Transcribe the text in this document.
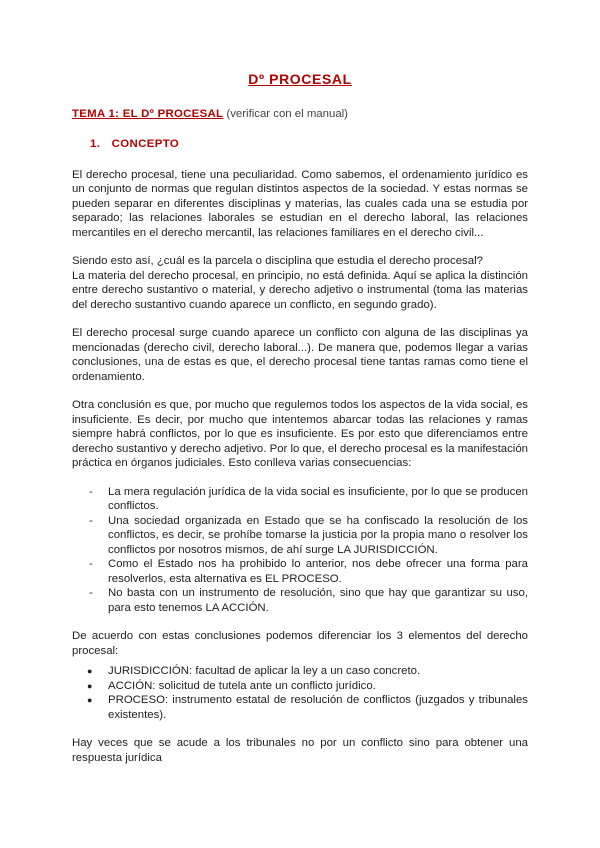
Dº PROCESAL
TEMA 1: EL Dº PROCESAL (verificar con el manual)
1. CONCEPTO

El derecho procesal, tiene una peculiaridad. Como sabemos, el ordenamiento jurídico es un conjunto de normas que regulan distintos aspectos de la sociedad. Y estas normas se pueden separar en diferentes disciplinas y materias, las cuales cada una se estudia por separado; las relaciones laborales se estudian en el derecho laboral, las relaciones mercantiles en el derecho mercantil, las relaciones familiares en el derecho civil...

Siendo esto así, ¿cuál es la parcela o disciplina que estudia el derecho procesal?

La materia del derecho procesal, en principio, no está definida. Aquí se aplica la distinción entre derecho sustantivo o material, y derecho adjetivo o instrumental (toma las materias del derecho sustantivo cuando aparece un conflicto, en segundo grado).

El derecho procesal surge cuando aparece un conflicto con alguna de las disciplinas ya mencionadas (derecho civil, derecho laboral...). De manera que, podemos llegar a varias conclusiones, una de estas es que, el derecho procesal tiene tantas ramas como tiene el ordenamiento.

Otra conclusión es que, por mucho que regulemos todos los aspectos de la vida social, es insuficiente. Es decir, por mucho que intentemos abarcar todas las relaciones y ramas siempre habrá conflictos, por lo que es insuficiente. Es por esto que diferenciamos entre derecho sustantivo y derecho adjetivo. Por lo que, el derecho procesal es la manifestación práctica en órganos judiciales. Esto conlleva varias consecuencias:

- La mera regulación jurídica de la vida social es insuficiente, por lo que se producen conflictos.
- Una sociedad organizada en Estado que se ha confiscado la resolución de los conflictos, es decir, se prohíbe tomarse la justicia por la propia mano o resolver los conflictos por nosotros mismos, de ahí surge LA JURISDICCIÓN.
- Como el Estado nos ha prohibido lo anterior, nos debe ofrecer una forma para resolverlos, esta alternativa es EL PROCESO.
- No basta con un instrumento de resolución, sino que hay que garantizar su uso, para esto tenemos LA ACCIÓN.

De acuerdo con estas conclusiones podemos diferenciar los 3 elementos del derecho procesal:

● JURISDICCIÓN: facultad de aplicar la ley a un caso concreto.
● ACCIÓN: solicitud de tutela ante un conflicto jurídico.
● PROCESO: instrumento estatal de resolución de conflictos (juzgados y tribunales existentes).

Hay veces que se acude a los tribunales no por un conflicto sino para obtener una respuesta jurídica
